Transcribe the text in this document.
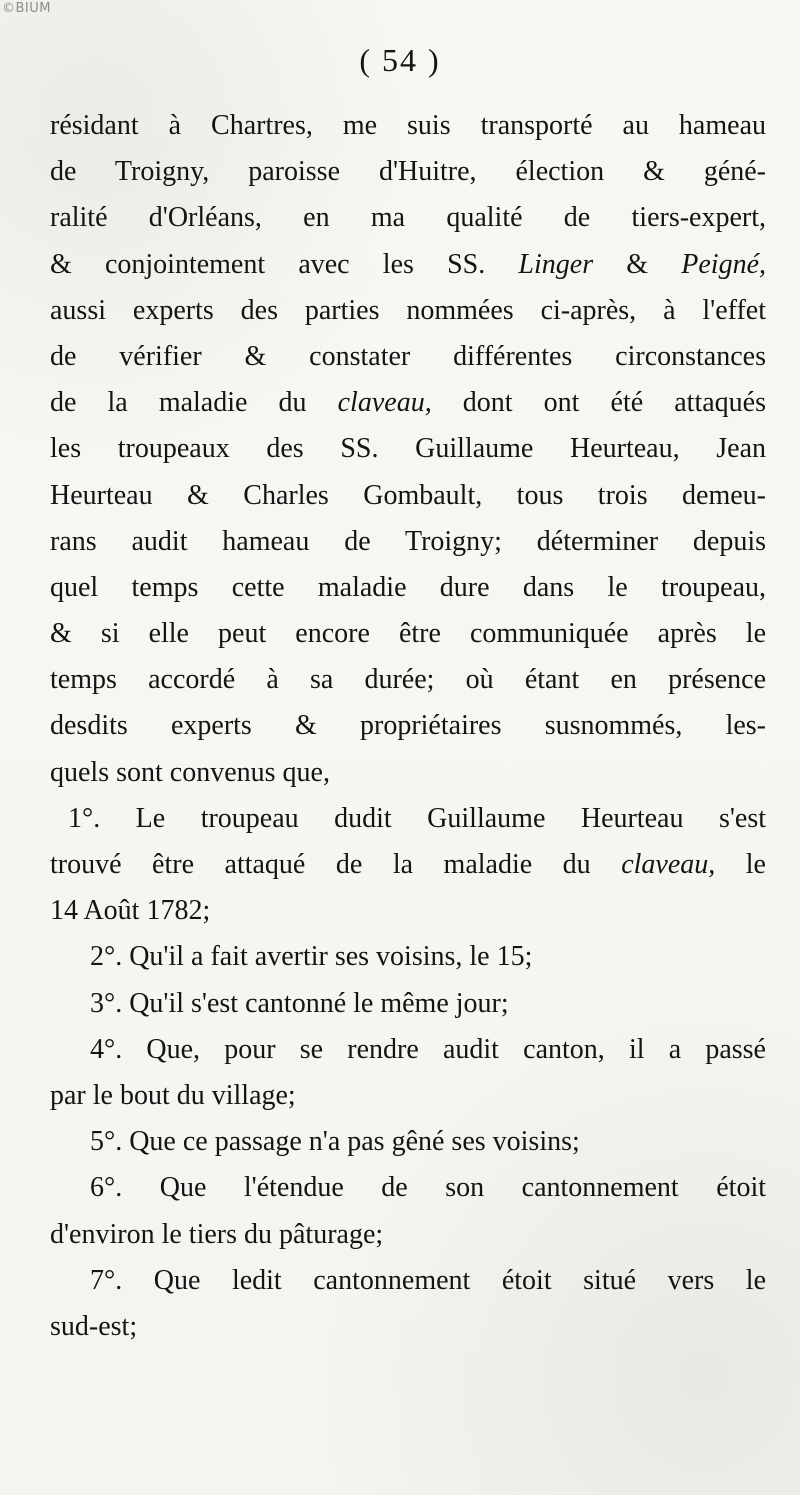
©BIUM
( 54 )
résidant à Chartres, me suis transporté au hameau
de Troigny, paroisse d'Huitre, élection & géné-
ralité d'Orléans, en ma qualité de tiers-expert,
& conjointement avec les SS. Linger & Peigné,
aussi experts des parties nommées ci-après, à l'effet
de vérifier & constater différentes circonstances
de la maladie du claveau, dont ont été attaqués
les troupeaux des SS. Guillaume Heurteau, Jean
Heurteau & Charles Gombault, tous trois demeu-
rans audit hameau de Troigny; déterminer depuis
quel temps cette maladie dure dans le troupeau,
& si elle peut encore être communiquée après le
temps accordé à sa durée; où étant en présence
desdits experts & propriétaires susnommés, les-
quels sont convenus que,
1°. Le troupeau dudit Guillaume Heurteau s'est
trouvé être attaqué de la maladie du claveau, le
14 Août 1782;
2°. Qu'il a fait avertir ses voisins, le 15;
3°. Qu'il s'est cantonné le même jour;
4°. Que, pour se rendre audit canton, il a passé
par le bout du village;
5°. Que ce passage n'a pas gêné ses voisins;
6°. Que l'étendue de son cantonnement étoit
d'environ le tiers du pâturage;
7°. Que ledit cantonnement étoit situé vers le
sud-est;
